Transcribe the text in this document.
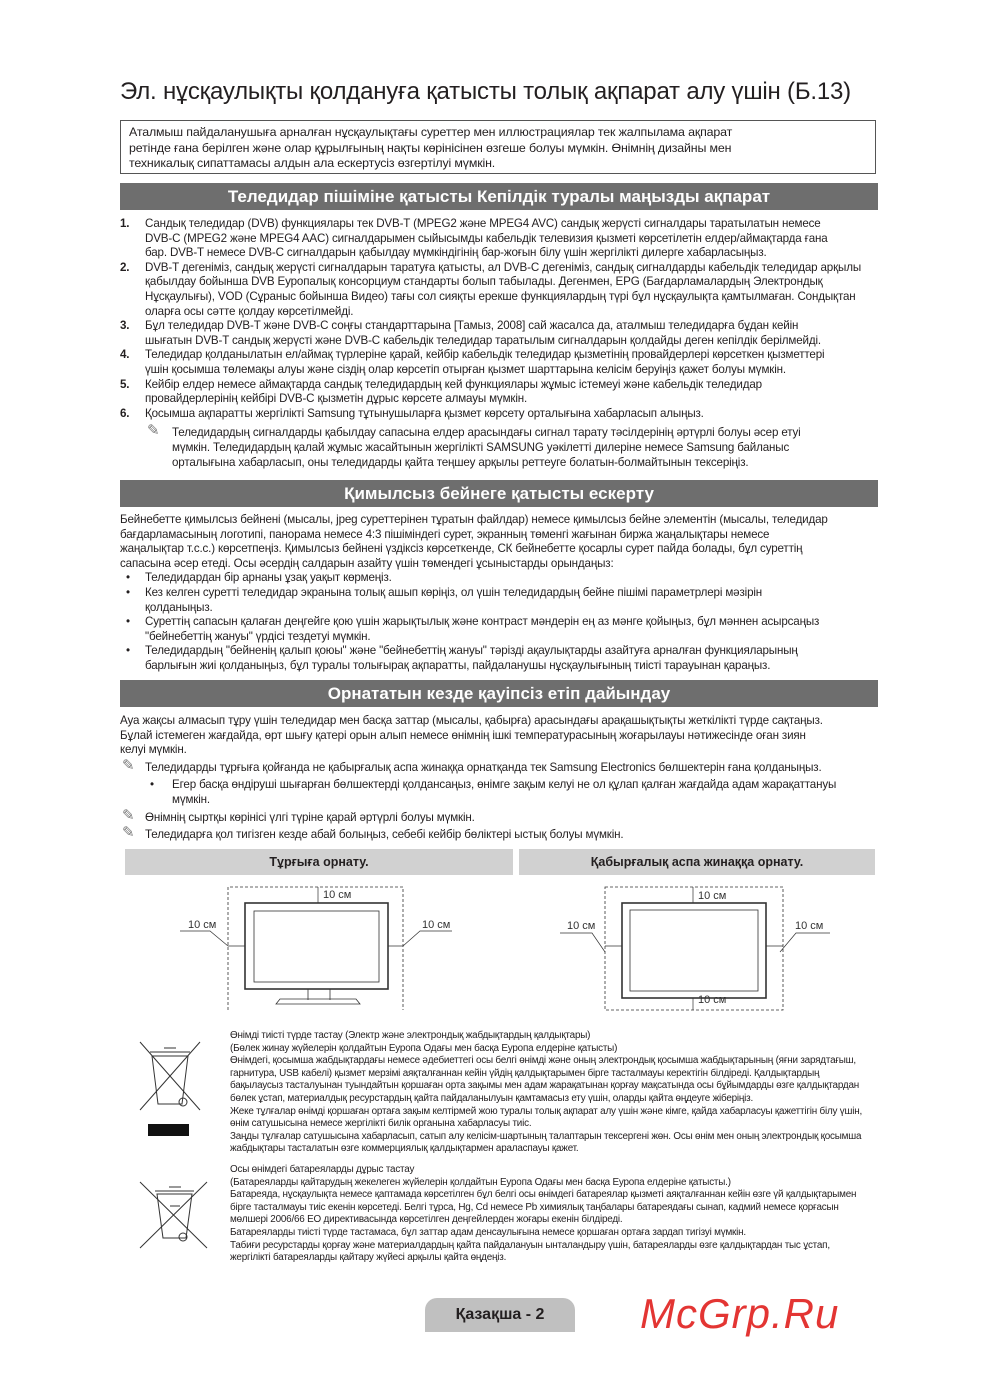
Эл. нұсқаулықты қолдануға қатысты толық ақпарат алу үшін (Б.13)
Аталмыш пайдаланушыға арналған нұсқаулықтағы суреттер мен иллюстрациялар тек жалпылама ақпарат
ретінде ғана берілген және олар құрылғының нақты көрінісінен өзгеше болуы мүмкін. Өнімнің дизайны мен
техникалық сипаттамасы алдын ала ескертусіз өзгертілуі мүмкін.
Теледидар пішіміне қатысты Кепілдік туралы маңызды ақпарат
1. Сандық теледидар (DVB) функциялары тек DVB-T (MPEG2 және MPEG4 AVC) сандық жерүсті сигналдары таратылатын немесе
DVB-C (MPEG2 және MPEG4 AAC) сигналдарымен сыйысымды кабельдік телевизия қызметі көрсетілетін елдер/аймақтарда ғана
бар. DVB-T немесе DVB-C сигналдарын қабылдау мүмкіндігінің бар-жоғын білу үшін жергілікті дилерге хабарласыңыз.
2. DVB-T дегеніміз, сандық жерүсті сигналдарын таратуға қатысты, ал DVB-C дегеніміз, сандық сигналдарды кабельдік теледидар арқылы
қабылдау бойынша DVB Еуропалық консорциум стандарты болып табылады. Дегенмен, EPG (Бағдарламалардың Электрондық
Нұсқаулығы), VOD (Сұраныс бойынша Видео) тағы сол сияқты ерекше функциялардың түрі бұл нұсқаулықта қамтылмаған. Сондықтан
оларға осы сәтте қолдау көрсетілмейді.
3. Бұл теледидар DVB-T және DVB-C соңғы стандарттарына [Тамыз, 2008] сай жасалса да, аталмыш теледидарға бұдан кейін
шығатын DVB-T сандық жерүсті және DVB-C кабельдік теледидар таратылым сигналдарын қолдайды деген кепілдік берілмейді.
4. Теледидар қолданылатын ел/аймақ түрлеріне қарай, кейбір кабельдік теледидар қызметінің провайдерлері көрсеткен қызметтері
үшін қосымша төлемақы алуы және сіздің олар көрсетіп отырған қызмет шарттарына келісім беруіңіз қажет болуы мүмкін.
5. Кейбір елдер немесе аймақтарда сандық теледидардың кей функциялары жұмыс істемеуі және кабельдік теледидар
провайдерлерінің кейбірі DVB-C қызметін дұрыс көрсете алмауы мүмкін.
6. Қосымша ақпаратты жергілікті Samsung тұтынушыларға қызмет көрсету орталығына хабарласып алыңыз.
✎ Теледидардың сигналдарды қабылдау сапасына елдер арасындағы сигнал тарату тәсілдерінің әртүрлі болуы әсер етуі
мүмкін. Теледидардың қалай жұмыс жасайтынын жергілікті SAMSUNG уәкілетті дилеріне немесе Samsung байланыс
орталығына хабарласып, оны теледидарды қайта теңшеу арқылы реттеуге болатын-болмайтынын тексеріңіз.
Қимылсыз бейнеге қатысты ескерту
Бейнебетте қимылсыз бейнені (мысалы, jpeg суреттерінен тұратын файлдар) немесе қимылсыз бейне элементін (мысалы, теледидар
бағдарламасының логотипі, панорама немесе 4:3 пішіміндегі сурет, экранның төменгі жағынан биржа жаңалықтары немесе
жаңалықтар т.с.с.) көрсетпеңіз. Қимылсыз бейнені үздіксіз көрсеткенде, СК бейнебетте қосарлы сурет пайда болады, бұл суреттің
сапасына әсер етеді. Осы әсердің салдарын азайту үшін төмендегі ұсыныстарды орындаңыз:
• Теледидардан бір арнаны ұзақ уақыт көрмеңіз.
• Кез келген суретті теледидар экранына толық ашып көріңіз, ол үшін теледидардың бейне пішімі параметрлері мәзірін
қолданыңыз.
• Суреттің сапасын қалаған деңгейге қою үшін жарықтылық және контраст мәндерін ең аз мәнге қойыңыз, бұл мәннен асырсаңыз
"бейнебеттің жануы" үрдісі тездетуі мүмкін.
• Теледидардың "бейненің қалып қоюы" және "бейнебеттің жануы" тәрізді ақаулықтарды азайтуға арналған функцияларының
барлығын жиі қолданыңыз, бұл туралы толығырақ ақпаратты, пайдаланушы нұсқаулығының тиісті тарауынан қараңыз.
Орнататын кезде қауіпсіз етіп дайындау
Ауа жақсы алмасып тұру үшін теледидар мен басқа заттар (мысалы, қабырға) арасындағы арақашықтықты жеткілікті түрде сақтаңыз.
Бұлай істемеген жағдайда, өрт шығу қатері орын алып немесе өнімнің ішкі температурасының жоғарылауы нәтижесінде оған зиян
келуі мүмкін.
✎ Теледидарды тұрғыға қойғанда не қабырғалық аспа жинаққа орнатқанда тек Samsung Electronics бөлшектерін ғана қолданыңыз.
• Егер басқа өндіруші шығарған бөлшектерді қолдансаңыз, өнімге зақым келуі не ол құлап қалған жағдайда адам жарақаттануы
мүмкін.
✎ Өнімнің сыртқы көрінісі үлгі түріне қарай әртүрлі болуы мүмкін.
✎ Теледидарға қол тигізген кезде абай болыңыз, себебі кейбір бөліктері ыстық болуы мүмкін.
Тұрғыға орнату.	Қабырғалық аспа жинаққа орнату.
10 см
10 см	10 см
10 см
10 см
10 см	10 см
Өнімді тиісті түрде тастау (Электр және электрондық жабдықтардың қалдықтары)
(Бөлек жинау жүйелерін қолдайтын Еуропа Одағы мен басқа Еуропа елдеріне қатысты)
Өнімдегі, қосымша жабдықтардағы немесе әдебиеттегі осы белгі өнімді және оның электрондық қосымша жабдықтарының (яғни зарядтағыш,
гарнитура, USB кабелі) қызмет мерзімі аяқталғаннан кейін үйдің қалдықтарымен бірге тасталмауы керектігін білдіреді. Қалдықтардың
бақылаусыз тасталуынан туындайтын қоршаған орта зақымы мен адам жарақатынан қорғау мақсатында осы бұйымдарды өзге қалдықтардан
бөлек ұстап, материалдық ресурстардың қайта пайдаланылуын қамтамасыз ету үшін, оларды қайта өңдеуге жіберіңіз.
Жеке тұлғалар өнімді қоршаған ортаға зақым келтірмей жою туралы толық ақпарат алу үшін және кімге, қайда хабарласуы қажеттігін білу үшін,
өнім сатушысына немесе жергілікті билік органына хабарласуы тиіс.
Заңды тұлғалар сатушысына хабарласып, сатып алу келісім-шартының талаптарын тексергені жөн. Осы өнім мен оның электрондық қосымша
жабдықтары тасталатын өзге коммерциялық қалдықтармен араласпауы қажет.
Осы өнімдегі батареяларды дұрыс тастау
(Батареяларды қайтарудың жекелеген жүйелерін қолдайтын Еуропа Одағы мен басқа Еуропа елдеріне қатысты.)
Батареяда, нұсқаулықта немесе қаптамада көрсетілген бұл белгі осы өнімдегі батареялар қызметі аяқталғаннан кейін өзге үй қалдықтарымен
бірге тасталмауы тиіс екенін көрсетеді. Белгі тұрса, Hg, Cd немесе Pb химиялық таңбалары батареядағы сынап, кадмий немесе қорғасын
мөлшері 2006/66 ЕО директивасында көрсетілген деңгейлерден жоғары екенін білдіреді.
Батареяларды тиісті түрде тастамаса, бұл заттар адам денсаулығына немесе қоршаған ортаға зардап тигізуі мүмкін.
Табиғи ресурстарды қорғау және материалдардың қайта пайдалануын ынталандыру үшін, батареяларды өзге қалдықтардан тыс ұстап,
жергілікті батареяларды қайтару жүйесі арқылы қайта өңдеңіз.
Қазақша - 2	McGrp.Ru
